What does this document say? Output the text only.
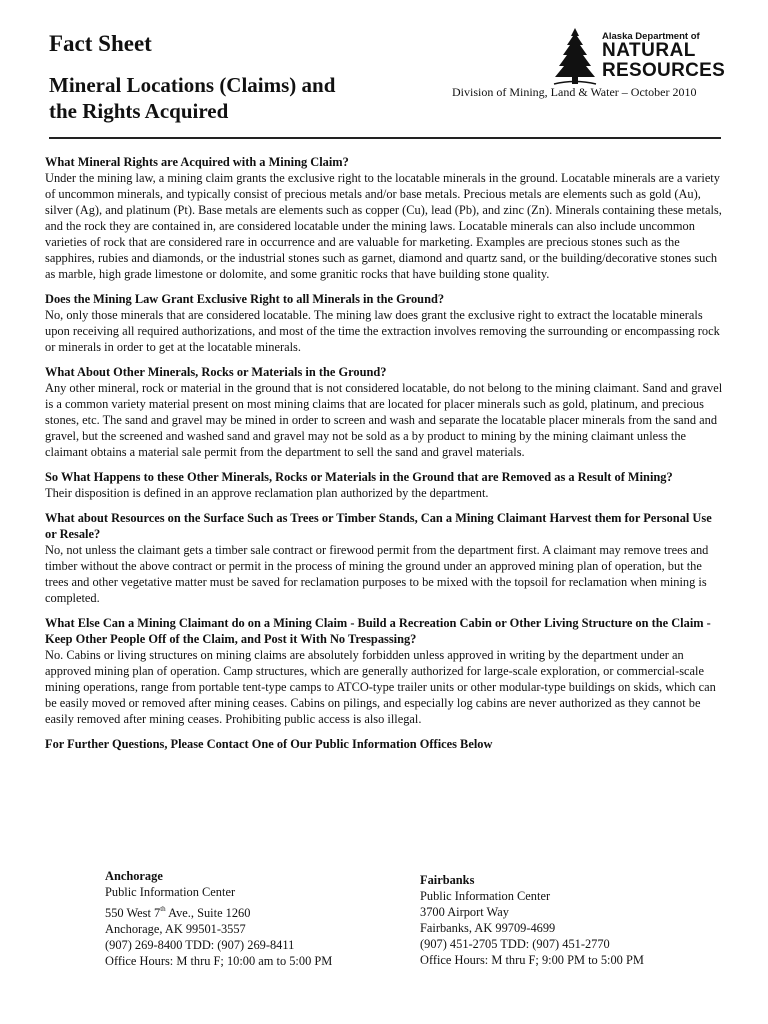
Fact Sheet
Mineral Locations (Claims) and
the Rights Acquired
Alaska Department of
NATURAL
RESOURCES
Division of Mining, Land & Water – October 2010

What Mineral Rights are Acquired with a Mining Claim?

Under the mining law, a mining claim grants the exclusive right to the locatable minerals in the ground. Locatable minerals are a variety of uncommon minerals, and typically consist of precious metals and/or base metals. Precious metals are elements such as gold (Au), silver (Ag), and platinum (Pt). Base metals are elements such as copper (Cu), lead (Pb), and zinc (Zn). Minerals containing these metals, and the rock they are contained in, are considered locatable under the mining laws. Locatable minerals can also include uncommon varieties of rock that are considered rare in occurrence and are valuable for marketing. Examples are precious stones such as the sapphires, rubies and diamonds, or the industrial stones such as garnet, diamond and quartz sand, or the building/decorative stones such as marble, high grade limestone or dolomite, and some granitic rocks that have building stone quality.

Does the Mining Law Grant Exclusive Right to all Minerals in the Ground?

No, only those minerals that are considered locatable. The mining law does grant the exclusive right to extract the locatable minerals upon receiving all required authorizations, and most of the time the extraction involves removing the surrounding or encompassing rock or minerals in order to get at the locatable minerals.

What About Other Minerals, Rocks or Materials in the Ground?

Any other mineral, rock or material in the ground that is not considered locatable, do not belong to the mining claimant. Sand and gravel is a common variety material present on most mining claims that are located for placer minerals such as gold, platinum, and precious stones, etc. The sand and gravel may be mined in order to screen and wash and separate the locatable placer minerals from the sand and gravel, but the screened and washed sand and gravel may not be sold as a by product to mining by the mining claimant unless the claimant obtains a material sale permit from the department to sell the sand and gravel materials.

So What Happens to these Other Minerals, Rocks or Materials in the Ground that are Removed as a Result of Mining?

Their disposition is defined in an approve reclamation plan authorized by the department.

What about Resources on the Surface Such as Trees or Timber Stands, Can a Mining Claimant Harvest them for Personal Use or Resale?

No, not unless the claimant gets a timber sale contract or firewood permit from the department first. A claimant may remove trees and timber without the above contract or permit in the process of mining the ground under an approved mining plan of operation, but the trees and other vegetative matter must be saved for reclamation purposes to be mixed with the topsoil for reclamation when mining is completed.

What Else Can a Mining Claimant do on a Mining Claim - Build a Recreation Cabin or Other Living Structure on the Claim - Keep Other People Off of the Claim, and Post it With No Trespassing?

No. Cabins or living structures on mining claims are absolutely forbidden unless approved in writing by the department under an approved mining plan of operation. Camp structures, which are generally authorized for large-scale exploration, or commercial-scale mining operations, range from portable tent-type camps to ATCO-type trailer units or other modular-type buildings on skids, which can be easily moved or removed after mining ceases. Cabins on pilings, and especially log cabins are never authorized as they cannot be easily removed after mining ceases. Prohibiting public access is also illegal.

For Further Questions, Please Contact One of Our Public Information Offices Below

Anchorage
Public Information Center
550 West 7th Ave., Suite 1260
Anchorage, AK 99501-3557
(907) 269-8400 TDD: (907) 269-8411
Office Hours: M thru F; 10:00 am to 5:00 PM
Fairbanks
Public Information Center
3700 Airport Way
Fairbanks, AK 99709-4699
(907) 451-2705 TDD: (907) 451-2770
Office Hours: M thru F; 9:00 PM to 5:00 PM
